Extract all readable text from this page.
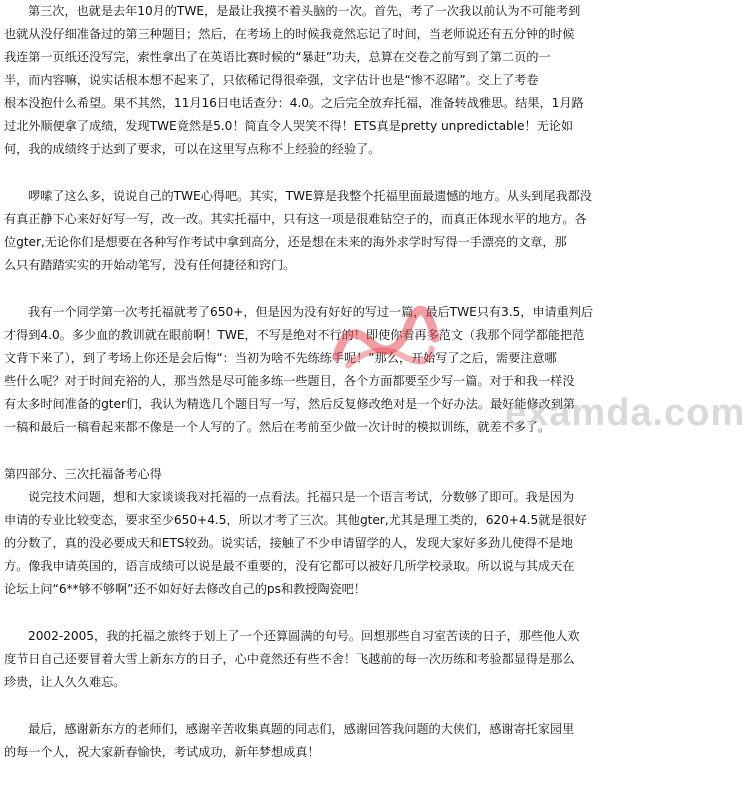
第三次，也就是去年10月的TWE，是最让我摸不着头脑的一次。首先，考了一次我以前认为不可能考到
也就从没仔细准备过的第三种题目；然后，在考场上的时候我竟然忘记了时间，当老师说还有五分钟的时候
我连第一页纸还没写完，索性拿出了在英语比赛时候的“暴赶”功夫，总算在交卷之前写到了第二页的一
半，而内容嘛，说实话根本想不起来了，只依稀记得很牵强，文字估计也是“惨不忍睹”。交上了考卷
根本没抱什么希望。果不其然，11月16日电话查分：4.0。之后完全放弃托福，准备转战雅思。结果，1月路
过北外顺便拿了成绩，发现TWE竟然是5.0！简直令人哭笑不得！ETS真是pretty unpredictable！无论如
何，我的成绩终于达到了要求，可以在这里写点称不上经验的经验了。
啰嗦了这么多，说说自己的TWE心得吧。其实，TWE算是我整个托福里面最遗憾的地方。从头到尾我都没
有真正静下心来好好写一写，改一改。其实托福中，只有这一项是很难钻空子的，而真正体现水平的地方。各
位gter,无论你们是想要在各种写作考试中拿到高分，还是想在未来的海外求学时写得一手漂亮的文章，那
么只有踏踏实实的开始动笔写，没有任何捷径和窍门。
我有一个同学第一次考托福就考了650+，但是因为没有好好的写过一篇，最后TWE只有3.5，申请重判后
才得到4.0。多少血的教训就在眼前啊！TWE，不写是绝对不行的！即使你看再多范文（我那个同学都能把范
文背下来了），到了考场上你还是会后悔“：当初为啥不先练练手呢！”那么，开始写了之后，需要注意哪
些什么呢？对于时间充裕的人，那当然是尽可能多练一些题目，各个方面都要至少写一篇。对于和我一样没
有太多时间准备的gter们，我认为精选几个题目写一写，然后反复修改绝对是一个好办法。最好能修改到第
一稿和最后一稿看起来都不像是一个人写的了。然后在考前至少做一次计时的模拟训练，就差不多了。
第四部分、三次托福备考心得
说完技术问题，想和大家谈谈我对托福的一点看法。托福只是一个语言考试，分数够了即可。我是因为
申请的专业比较变态，要求至少650+4.5，所以才考了三次。其他gter,尤其是理工类的，620+4.5就是很好
的分数了，真的没必要成天和ETS较劲。说实话，接触了不少申请留学的人，发现大家好多劲儿使得不是地
方。像我申请英国的，语言成绩可以说是最不重要的，没有它都可以被好几所学校录取。所以说与其成天在
论坛上问“6**够不够啊”还不如好好去修改自己的ps和教授陶瓷吧！
2002-2005，我的托福之旅终于划上了一个还算圆满的句号。回想那些自习室苦读的日子，那些他人欢
度节日自己还要冒着大雪上新东方的日子，心中竟然还有些不舍！飞越前的每一次历练和考验都显得是那么
珍贵，让人久久难忘。
最后，感谢新东方的老师们，感谢辛苦收集真题的同志们，感谢回答我问题的大侠们，感谢寄托家园里
的每一个人，祝大家新春愉快，考试成功，新年梦想成真！
examda.com
